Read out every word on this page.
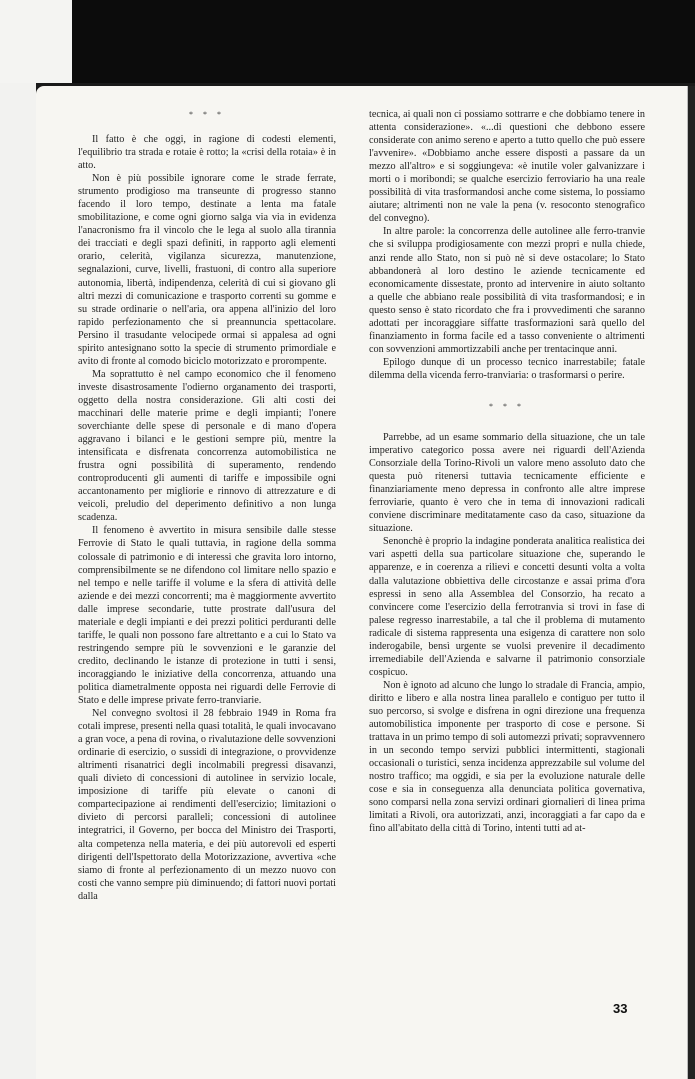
* * *

Il fatto è che oggi, in ragione di codesti elementi, l'equilibrio tra strada e rotaie è rotto; la «crisi della rotaia» è in atto.

Non è più possibile ignorare come le strade ferrate, strumento prodigioso ma transeunte di progresso stanno facendo il loro tempo, destinate a lenta ma fatale smobilitazione, e come ogni giorno salga via via in evidenza l'anacronismo fra il vincolo che le lega al suolo alla tirannia dei tracciati e degli spazi definiti, in rapporto agli elementi orario, celerità, vigilanza sicurezza, manutenzione, segnalazioni, curve, livelli, frastuoni, di contro alla superiore autonomia, libertà, indipendenza, celerità di cui si giovano gli altri mezzi di comunicazione e trasporto correnti su gomme e su strade ordinarie o nell'aria, ora appena all'inizio del loro rapido perfezionamento che si preannuncia spettacolare. Persino il trasudante velocipede ormai si appalesa ad ogni spirito antesignano sotto la specie di strumento primordiale e avito di fronte al comodo biciclo motorizzato e prorompente.

Ma soprattutto è nel campo economico che il fenomeno investe disastrosamente l'odierno organamento dei trasporti, oggetto della nostra considerazione. Gli alti costi dei macchinari delle materie prime e degli impianti; l'onere soverchiante delle spese di personale e di mano d'opera aggravano i bilanci e le gestioni sempre più, mentre la intensificata e disfrenata concorrenza automobilistica ne frustra ogni possibilità di superamento, rendendo controproducenti gli aumenti di tariffe e impossibile ogni accantonamento per migliorie e rinnovo di attrezzature e di veicoli, preludio del deperimento definitivo a non lunga scadenza.

Il fenomeno è avvertito in misura sensibile dalle stesse Ferrovie di Stato le quali tuttavia, in ragione della somma colossale di patrimonio e di interessi che gravita loro intorno, comprensibilmente se ne difendono col limitare nello spazio e nel tempo e nelle tariffe il volume e la sfera di attività delle aziende e dei mezzi concorrenti; ma è maggiormente avvertito dalle imprese secondarie, tutte prostrate dall'usura del materiale e degli impianti e dei prezzi politici perduranti delle tariffe, le quali non possono fare altrettanto e a cui lo Stato va restringendo sempre più le sovvenzioni e le garanzie del credito, declinando le istanze di protezione in tutti i sensi, incoraggiando le iniziative della concorrenza, attuando una politica diametralmente opposta nei riguardi delle Ferrovie di Stato e delle imprese private ferro-tranviarie.

Nel convegno svoltosi il 28 febbraio 1949 in Roma fra cotali imprese, presenti nella quasi totalità, le quali invocavano a gran voce, a pena di rovina, o rivalutazione delle sovvenzioni ordinarie di esercizio, o sussidi di integrazione, o provvidenze altrimenti risanatrici degli incolmabili pregressi disavanzi, quali divieto di concessioni di autolinee in servizio locale, imposizione di tariffe più elevate o canoni di compartecipazione ai rendimenti dell'esercizio; limitazioni o divieto di percorsi paralleli; concessioni di autolinee integratrici, il Governo, per bocca del Ministro dei Trasporti, alta competenza nella materia, e dei più autorevoli ed esperti dirigenti dell'Ispettorato della Motorizzazione, avvertiva «che siamo di fronte al perfezionamento di un mezzo nuovo con costi che vanno sempre più diminuendo; di fattori nuovi portati dalla

tecnica, ai quali non ci possiamo sottrarre e che dobbiamo tenere in attenta considerazione». «...di questioni che debbono essere considerate con animo sereno e aperto a tutto quello che può essere l'avvenire». «Dobbiamo anche essere disposti a passare da un mezzo all'altro» e si soggiungeva: «è inutile voler galvanizzare i morti o i moribondi; se qualche esercizio ferroviario ha una reale possibilità di vita trasformandosi anche come sistema, lo possiamo aiutare; altrimenti non ne vale la pena (v. resoconto stenografico del convegno).

In altre parole: la concorrenza delle autolinee alle ferro-tranvie che si sviluppa prodigiosamente con mezzi propri e nulla chiede, anzi rende allo Stato, non si può nè si deve ostacolare; lo Stato abbandonerà al loro destino le aziende tecnicamente ed economicamente dissestate, pronto ad intervenire in aiuto soltanto a quelle che abbiano reale possibilità di vita trasformandosi; e in questo senso è stato ricordato che fra i provvedimenti che saranno adottati per incoraggiare siffatte trasformazioni sarà quello del finanziamento in forma facile ed a tasso conveniente o altrimenti con sovvenzioni ammortizzabili anche per trentacinque anni.

Epilogo dunque di un processo tecnico inarrestabile; fatale dilemma della vicenda ferro-tranviaria: o trasformarsi o perire.

* * *

Parrebbe, ad un esame sommario della situazione, che un tale imperativo categorico possa avere nei riguardi dell'Azienda Consorziale della Torino-Rivoli un valore meno assoluto dato che questa può ritenersi tuttavia tecnicamente efficiente e finanziariamente meno depressa in confronto alle altre imprese ferroviarie, quanto è vero che in tema di innovazioni radicali conviene discriminare meditatamente caso da caso, situazione da situazione.

Senonchè è proprio la indagine ponderata analitica realistica dei vari aspetti della sua particolare situazione che, superando le apparenze, e in coerenza a rilievi e concetti desunti volta a volta dalla valutazione obbiettiva delle circostanze e assai prima d'ora espressi in seno alla Assemblea del Consorzio, ha recato a convincere come l'esercizio della ferrotranvia si trovi in fase di palese regresso inarrestabile, a tal che il problema di mutamento radicale di sistema rappresenta una esigenza di carattere non solo inderogabile, bensì urgente se vuolsi prevenire il decadimento irremediabile dell'Azienda e salvarne il patrimonio consorziale cospicuo.

Non è ignoto ad alcuno che lungo lo stradale di Francia, ampio, diritto e libero e alla nostra linea parallelo e contiguo per tutto il suo percorso, si svolge e disfrena in ogni direzione una frequenza automobilistica imponente per trasporto di cose e persone. Si trattava in un primo tempo di soli automezzi privati; sopravvennero in un secondo tempo servizi pubblici intermittenti, stagionali occasionali o turistici, senza incidenza apprezzabile sul volume del nostro traffico; ma oggidì, e sia per la evoluzione naturale delle cose e sia in conseguenza alla denunciata politica governativa, sono comparsi nella zona servizi ordinari giornalieri di linea prima limitati a Rivoli, ora autorizzati, anzi, incoraggiati a far capo da e fino all'abitato della città di Torino, intenti tutti ad at-

33
